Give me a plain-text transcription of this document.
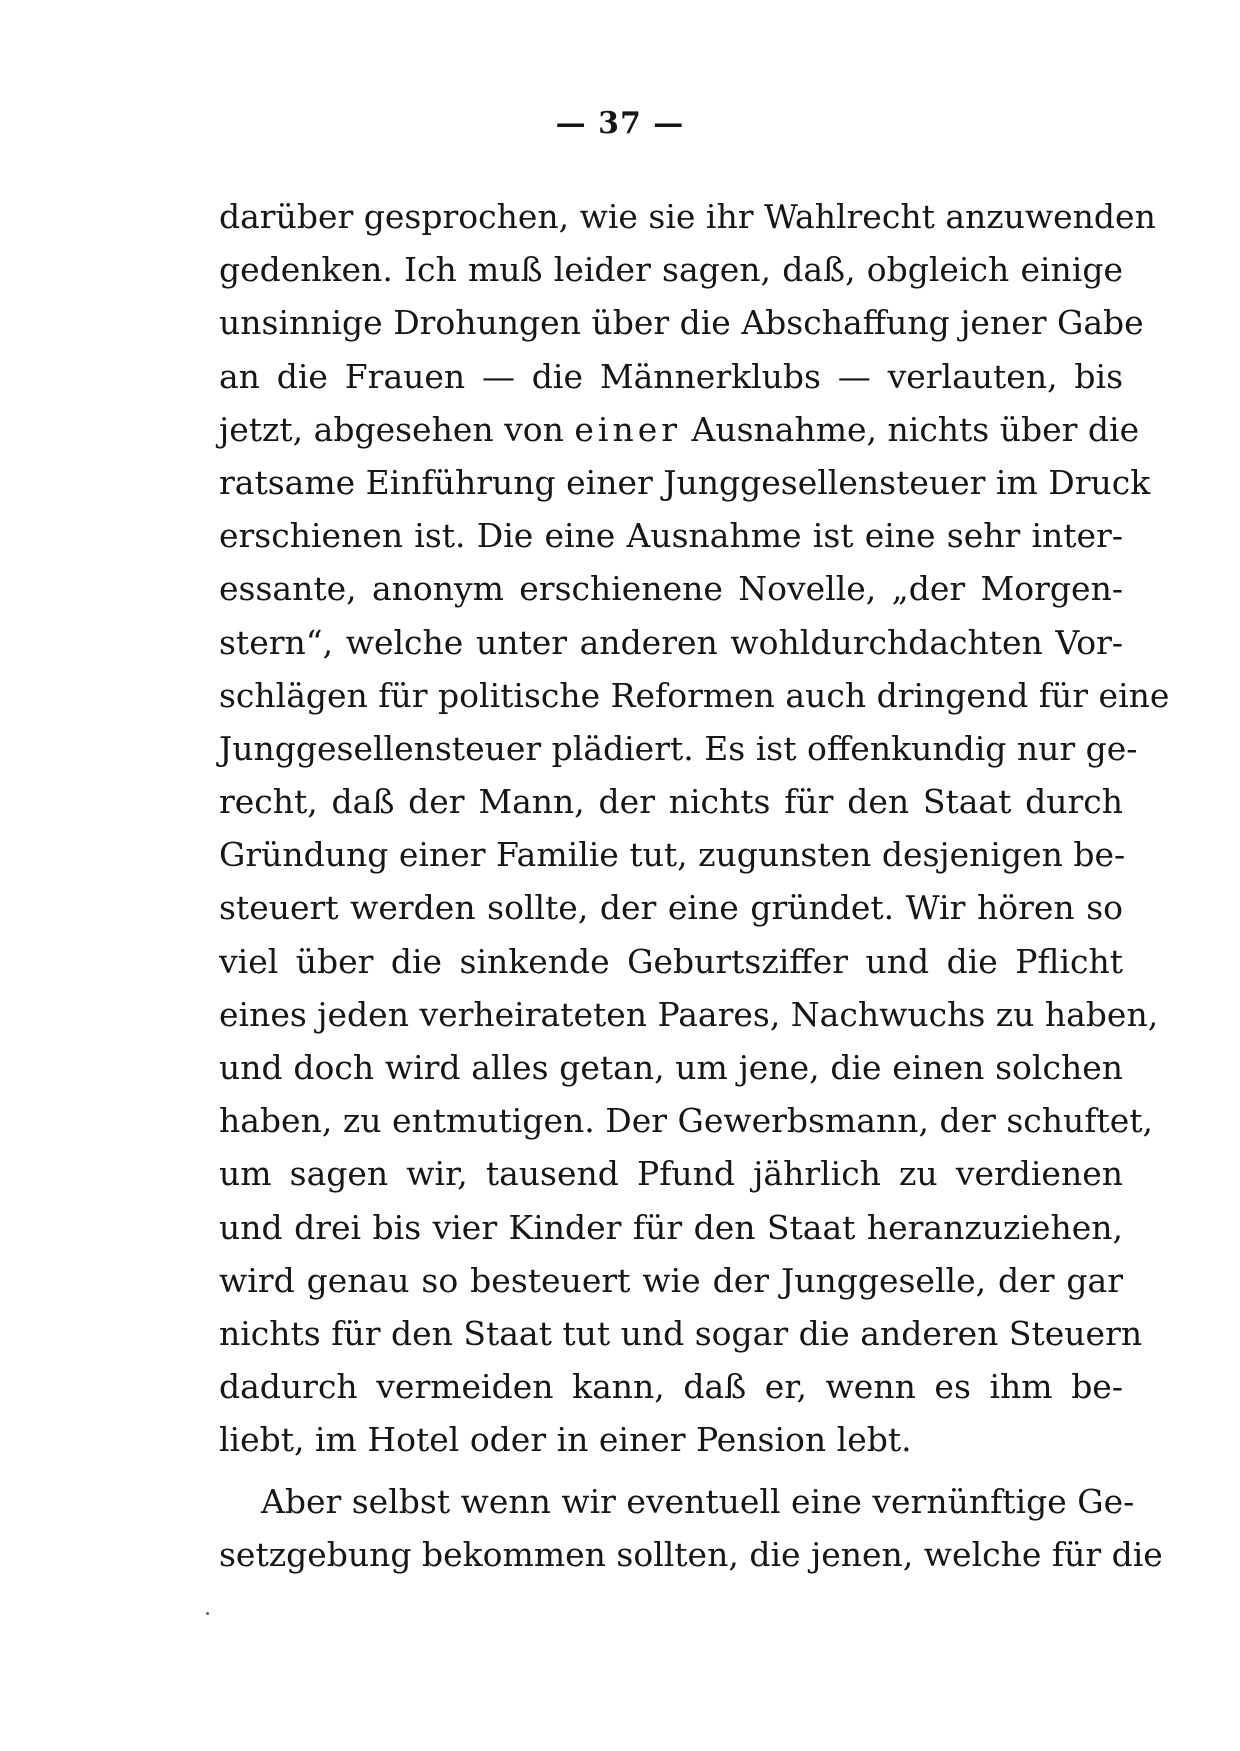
— 37 —
darüber gesprochen, wie sie ihr Wahlrecht anzuwenden
gedenken. Ich muß leider sagen, daß, obgleich einige
unsinnige Drohungen über die Abschaffung jener Gabe
an die Frauen — die Männerklubs — verlauten, bis
jetzt, abgesehen von einer Ausnahme, nichts über die
ratsame Einführung einer Junggesellensteuer im Druck
erschienen ist. Die eine Ausnahme ist eine sehr inter-
essante, anonym erschienene Novelle, „der Morgen-
stern“, welche unter anderen wohldurchdachten Vor-
schlägen für politische Reformen auch dringend für eine
Junggesellensteuer plädiert. Es ist offenkundig nur ge-
recht, daß der Mann, der nichts für den Staat durch
Gründung einer Familie tut, zugunsten desjenigen be-
steuert werden sollte, der eine gründet. Wir hören so
viel über die sinkende Geburtsziffer und die Pflicht
eines jeden verheirateten Paares, Nachwuchs zu haben,
und doch wird alles getan, um jene, die einen solchen
haben, zu entmutigen. Der Gewerbsmann, der schuftet,
um sagen wir, tausend Pfund jährlich zu verdienen
und drei bis vier Kinder für den Staat heranzuziehen,
wird genau so besteuert wie der Junggeselle, der gar
nichts für den Staat tut und sogar die anderen Steuern
dadurch vermeiden kann, daß er, wenn es ihm be-
liebt, im Hotel oder in einer Pension lebt.
Aber selbst wenn wir eventuell eine vernünftige Ge-
setzgebung bekommen sollten, die jenen, welche für die
